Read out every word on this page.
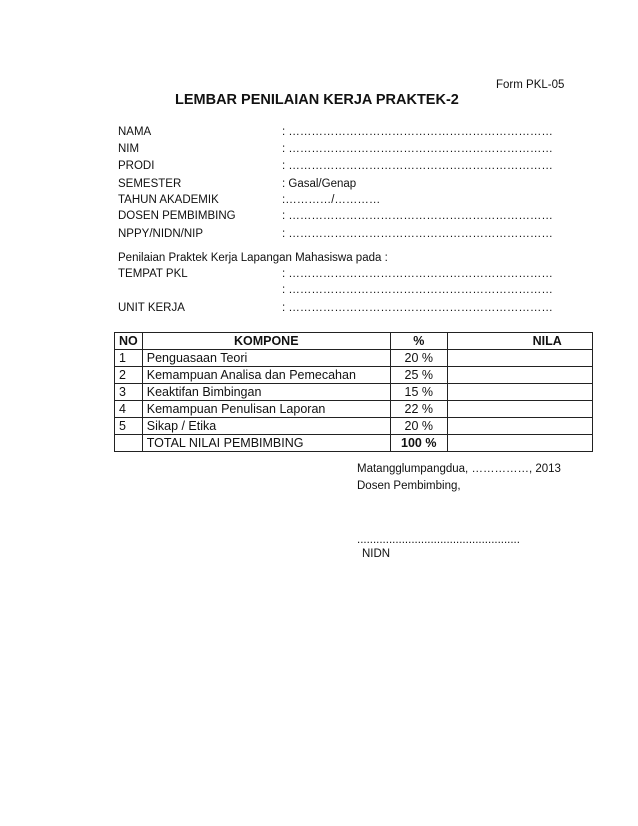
Form PKL-05
LEMBAR PENILAIAN KERJA PRAKTEK-2
NAMA	: ……………………………………………………………
NIM	: ……………………………………………………………
PRODI	: ……………………………………………………………
SEMESTER	: Gasal/Genap
TAHUN AKADEMIK	:…………/…………
DOSEN PEMBIMBING	: ……………………………………………………………
NPPY/NIDN/NIP	: ……………………………………………………………
Penilaian Praktek Kerja Lapangan Mahasiswa pada :
TEMPAT PKL	: ……………………………………………………………
: ……………………………………………………………
UNIT KERJA	: ……………………………………………………………
NO	KOMPONE	%	NILA
1	Penguasaan Teori	20 %	
2	Kemampuan Analisa dan Pemecahan	25 %	
3	Keaktifan Bimbingan	15 %	
4	Kemampuan Penulisan Laporan	22 %	
5	Sikap / Etika	20 %	
	TOTAL NILAI PEMBIMBING	100 %	
Matangglumpangdua, ……………, 2013
Dosen Pembimbing,
...................................................
NIDN
